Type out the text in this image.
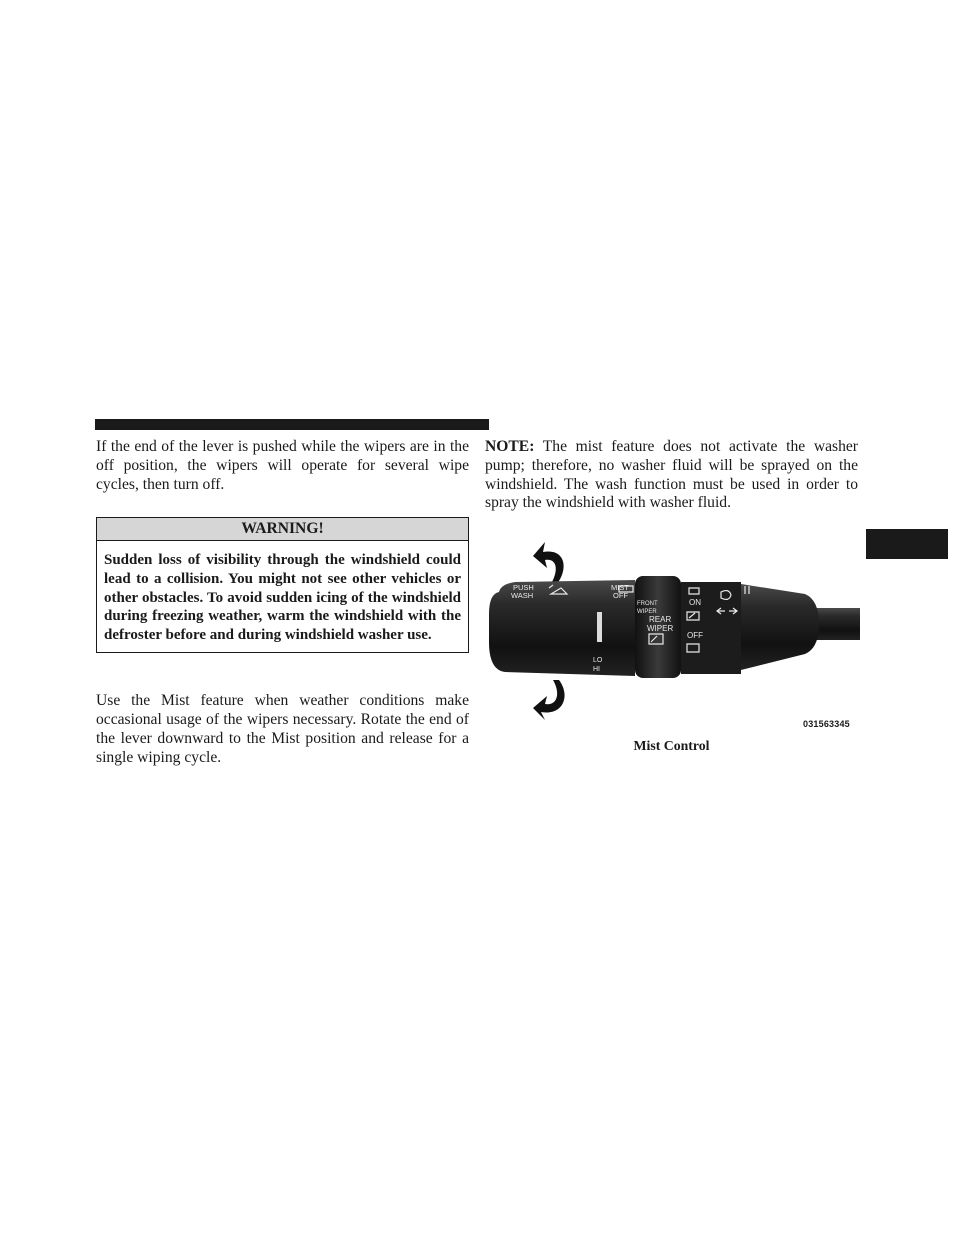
If the end of the lever is pushed while the wipers are in the off position, the wipers will operate for several wipe cycles, then turn off.

WARNING!
Sudden loss of visibility through the windshield could lead to a collision. You might not see other vehicles or other obstacles. To avoid sudden icing of the windshield during freezing weather, warm the windshield with the defroster before and during windshield washer use.

Use the Mist feature when weather conditions make occasional usage of the wipers necessary. Rotate the end of the lever downward to the Mist position and release for a single wiping cycle.

NOTE: The mist feature does not activate the washer pump; therefore, no washer fluid will be sprayed on the windshield. The wash function must be used in order to spray the windshield with washer fluid.

PUSH
WASH
MIST
OFF
FRONT
WIPER
REAR
WIPER
ON
OFF
LO
HI
031563345
Mist Control
